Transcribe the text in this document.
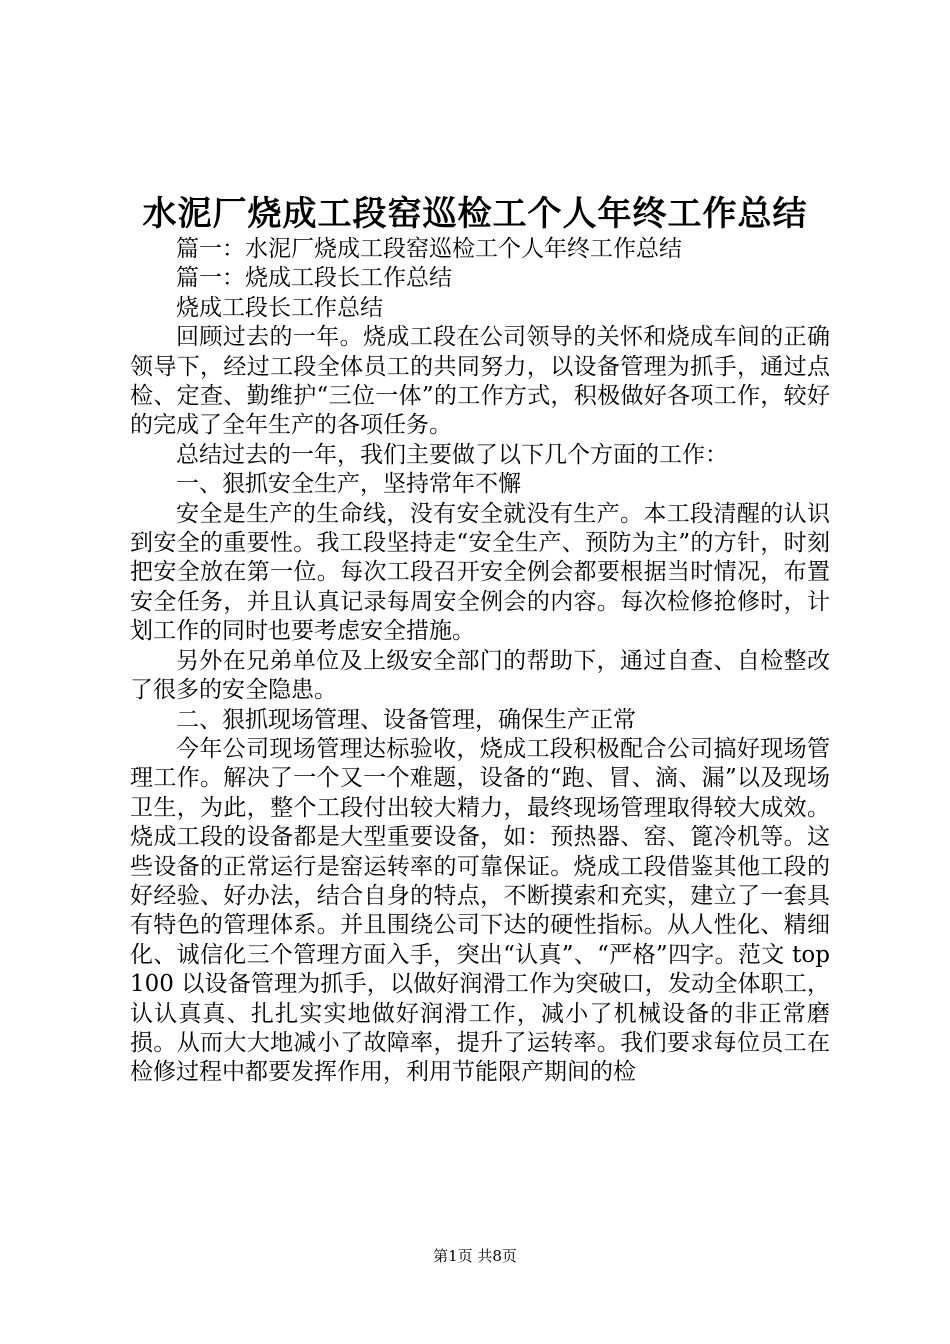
水泥厂烧成工段窑巡检工个人年终工作总结

篇一：水泥厂烧成工段窑巡检工个人年终工作总结

篇一：烧成工段长工作总结

烧成工段长工作总结

回顾过去的一年。烧成工段在公司领导的关怀和烧成车间的正确领导下，经过工段全体员工的共同努力，以设备管理为抓手，通过点检、定查、勤维护“三位一体”的工作方式，积极做好各项工作，较好的完成了全年生产的各项任务。

总结过去的一年，我们主要做了以下几个方面的工作：

一、狠抓安全生产，坚持常年不懈

安全是生产的生命线，没有安全就没有生产。本工段清醒的认识到安全的重要性。我工段坚持走“安全生产、预防为主”的方针，时刻把安全放在第一位。每次工段召开安全例会都要根据当时情况，布置安全任务，并且认真记录每周安全例会的内容。每次检修抢修时，计划工作的同时也要考虑安全措施。

另外在兄弟单位及上级安全部门的帮助下，通过自查、自检整改了很多的安全隐患。

二、狠抓现场管理、设备管理，确保生产正常

今年公司现场管理达标验收，烧成工段积极配合公司搞好现场管理工作。解决了一个又一个难题，设备的“跑、冒、滴、漏”以及现场卫生，为此，整个工段付出较大精力，最终现场管理取得较大成效。烧成工段的设备都是大型重要设备，如：预热器、窑、篦冷机等。这些设备的正常运行是窑运转率的可靠保证。烧成工段借鉴其他工段的好经验、好办法，结合自身的特点，不断摸索和充实，建立了一套具有特色的管理体系。并且围绕公司下达的硬性指标。从人性化、精细化、诚信化三个管理方面入手，突出“认真”、“严格”四字。范文 top100 以设备管理为抓手，以做好润滑工作为突破口，发动全体职工，认认真真、扎扎实实地做好润滑工作，减小了机械设备的非正常磨损。从而大大地减小了故障率，提升了运转率。我们要求每位员工在检修过程中都要发挥作用，利用节能限产期间的检

第1页 共8页
